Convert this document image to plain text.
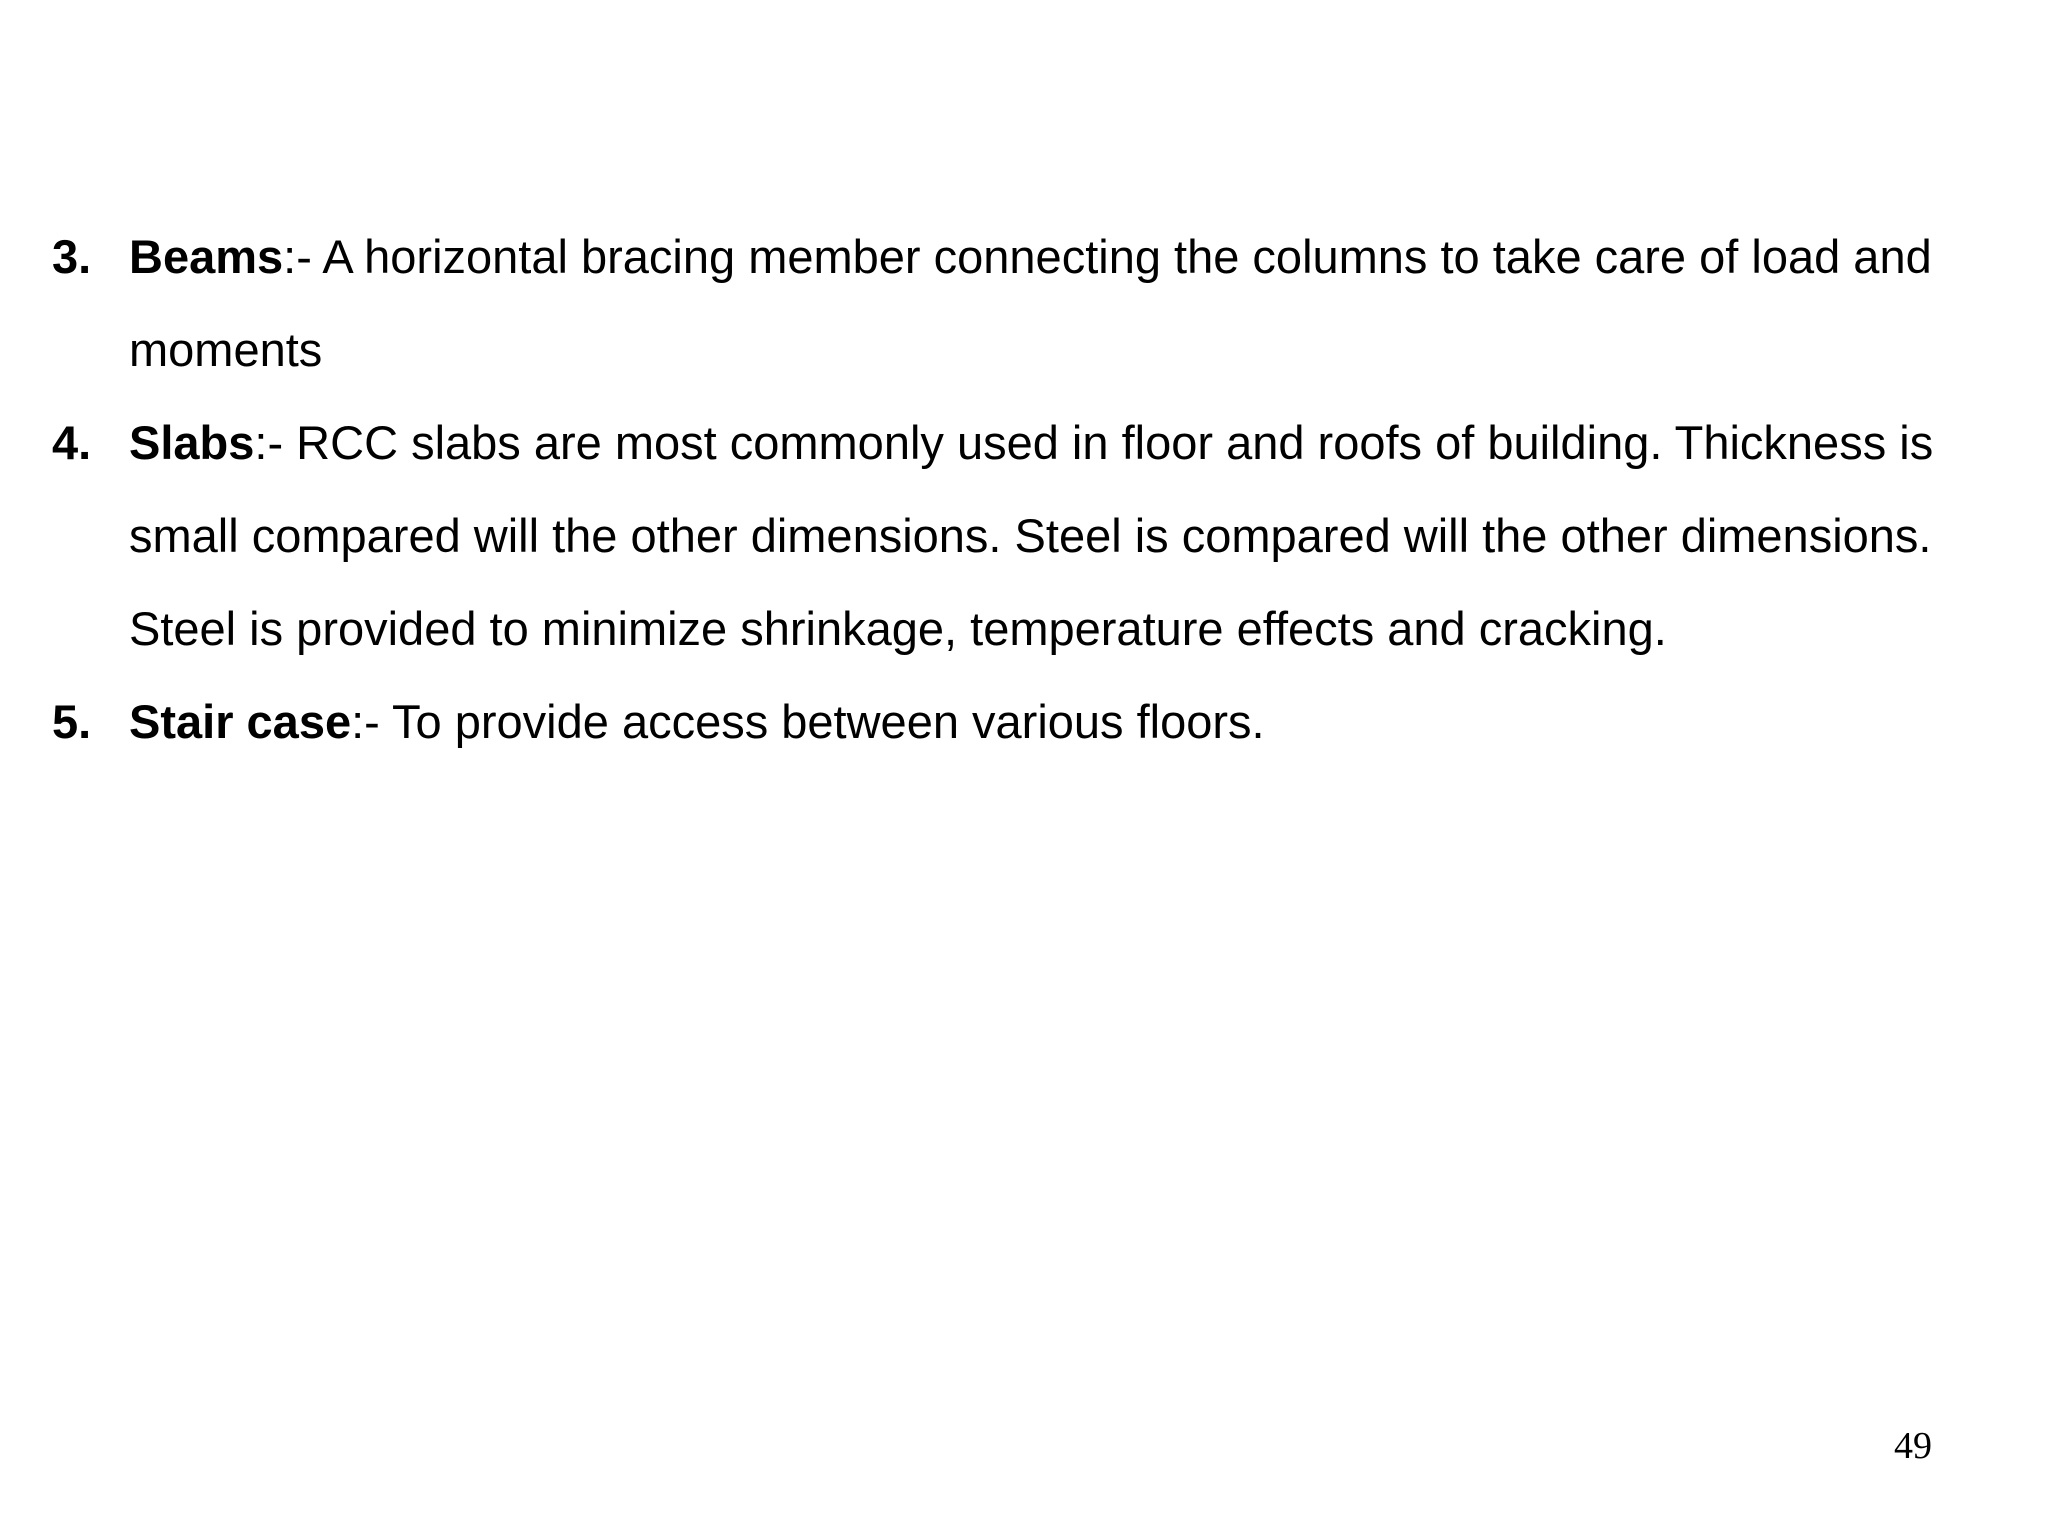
3. Beams:- A horizontal bracing member connecting the columns to take care of load and moments
4. Slabs:- RCC slabs are most commonly used in floor and roofs of building. Thickness is small compared will the other dimensions. Steel is compared will the other dimensions. Steel is provided to minimize shrinkage, temperature effects and cracking.
5. Stair case:- To provide access between various floors.
49
